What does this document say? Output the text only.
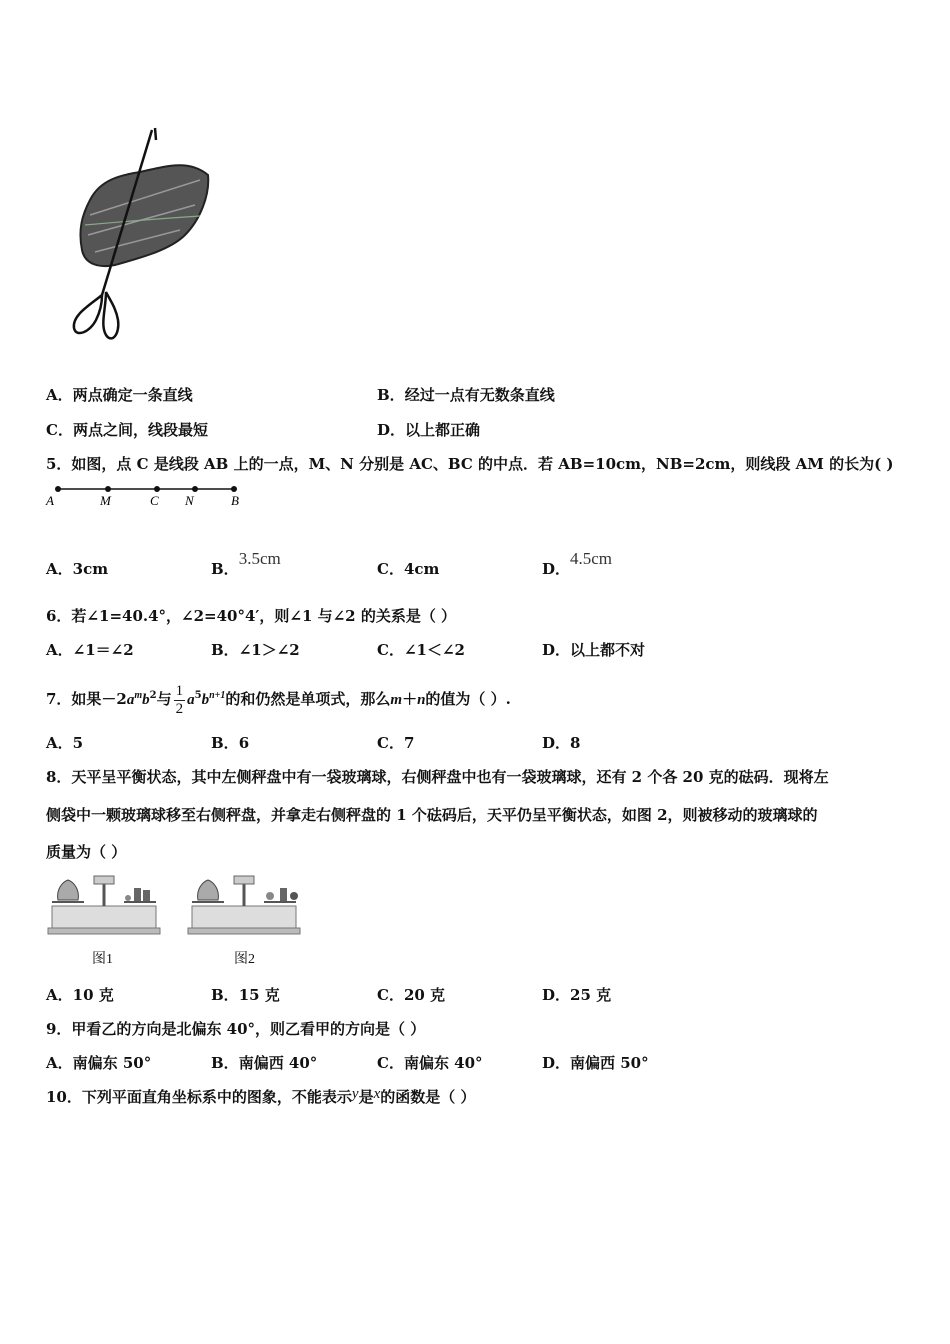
A．两点确定一条直线	B．经过一点有无数条直线
C．两点之间，线段最短	D．以上都正确
5．如图，点 C 是线段 AB 上的一点，M、N 分别是 AC、BC 的中点．若 AB=10cm，NB=2cm，则线段 AM 的长为( )
A	M	C N	B
A．3cm	B．3.5cm
C．4cm	D．4.5cm
6．若∠1=40.4°，∠2=40°4′，则∠1 与∠2 的关系是（ ）
A．∠1＝∠2	B．∠1＞∠2	C．∠1＜∠2	D．以上都不对
7．如果$-2a^mb^2$与 $\frac{1}{2} a^5b^{n+1}$的和仍然是单项式，那么m＋n的值为（ ）.
A．5	B．6	C．7	D．8
8．天平呈平衡状态，其中左侧秤盘中有一袋玻璃球，右侧秤盘中也有一袋玻璃球，还有 2 个各 20 克的砝码．现将左
侧袋中一颗玻璃球移至右侧秤盘，并拿走右侧秤盘的 1 个砝码后，天平仍呈平衡状态，如图 2，则被移动的玻璃球的
质量为（ ）
图1	图2
A．10 克	B．15 克	C．20 克	D．25 克
9．甲看乙的方向是北偏东 40°，则乙看甲的方向是（ ）
A．南偏东 50°	B．南偏西 40°	C．南偏东 40°	D．南偏西 50°
10．下列平面直角坐标系中的图象，不能表示y是x的函数是（ ）
